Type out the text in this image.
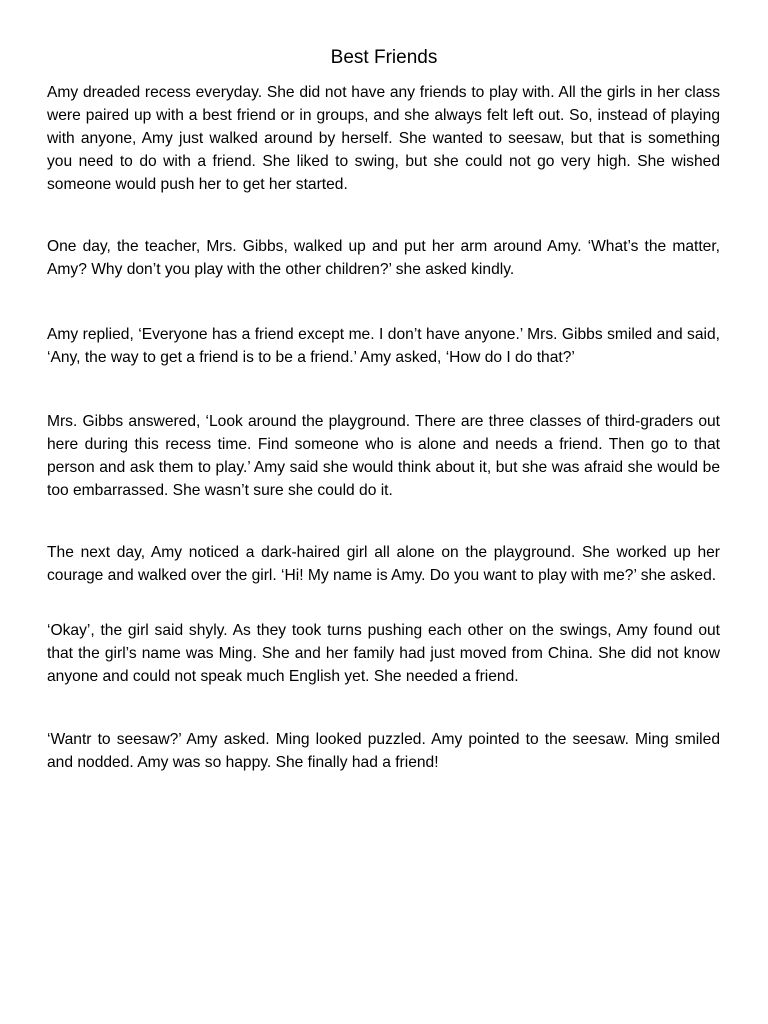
Best Friends

Amy dreaded recess everyday. She did not have any friends to play with. All the girls in her class were paired up with a best friend or in groups, and she always felt left out. So, instead of playing with anyone, Amy just walked around by herself. She wanted to seesaw, but that is something you need to do with a friend. She liked to swing, but she could not go very high. She wished someone would push her to get her started.

One day, the teacher, Mrs. Gibbs, walked up and put her arm around Amy. ‘What’s the matter, Amy? Why don’t you play with the other children?’ she asked kindly.

Amy replied, ‘Everyone has a friend except me. I don’t have anyone.’ Mrs. Gibbs smiled and said, ‘Any, the way to get a friend is to be a friend.’ Amy asked, ‘How do I do that?’

Mrs. Gibbs answered, ‘Look around the playground. There are three classes of third-graders out here during this recess time. Find someone who is alone and needs a friend. Then go to that person and ask them to play.’ Amy said she would think about it, but she was afraid she would be too embarrassed. She wasn’t sure she could do it.

The next day, Amy noticed a dark-haired girl all alone on the playground. She worked up her courage and walked over the girl. ‘Hi! My name is Amy. Do you want to play with me?’ she asked.

‘Okay’, the girl said shyly. As they took turns pushing each other on the swings, Amy found out that the girl’s name was Ming. She and her family had just moved from China. She did not know anyone and could not speak much English yet. She needed a friend.

‘Wantr to seesaw?’ Amy asked. Ming looked puzzled. Amy pointed to the seesaw. Ming smiled and nodded. Amy was so happy. She finally had a friend!
